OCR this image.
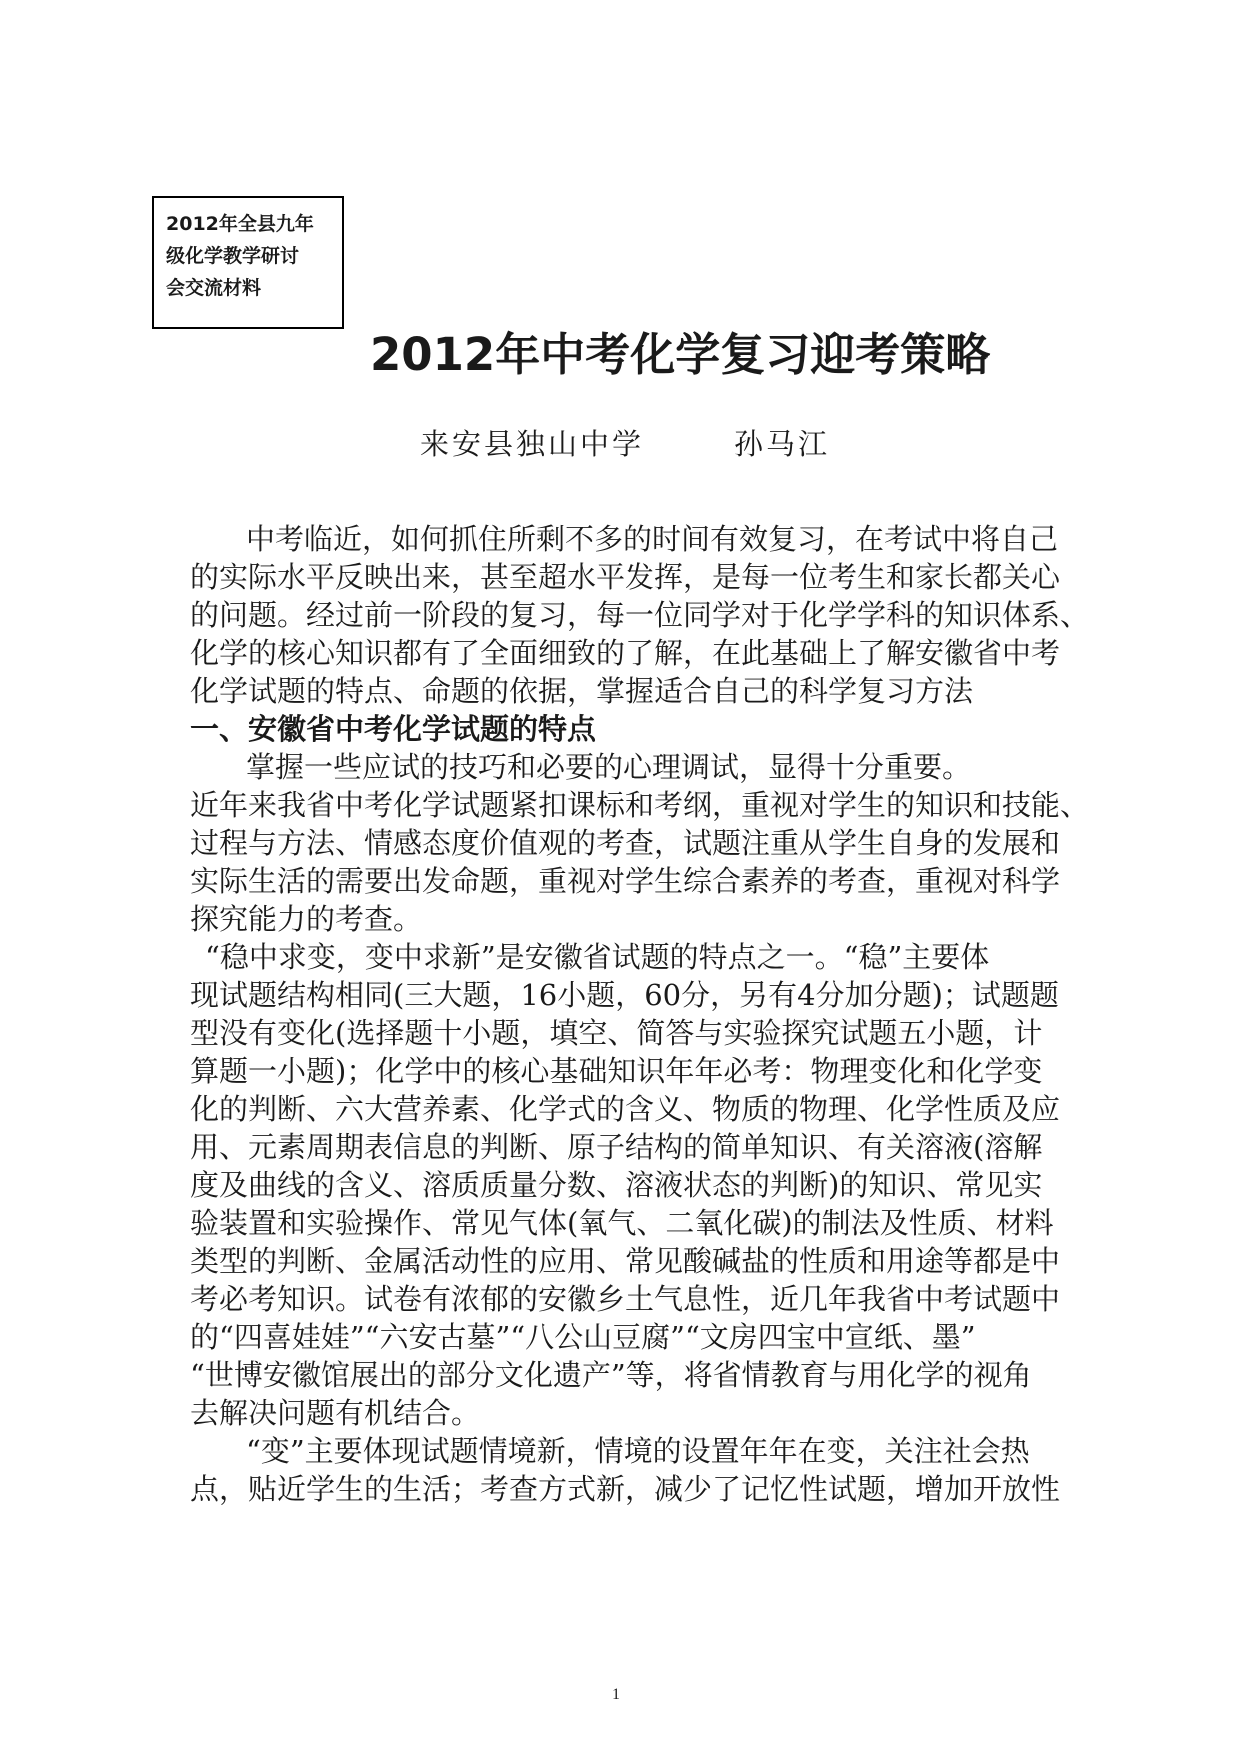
2012年全县九年
级化学教学研讨
会交流材料
2012年中考化学复习迎考策略
来安县独山中学	孙马江
中考临近，如何抓住所剩不多的时间有效复习，在考试中将自己
的实际水平反映出来，甚至超水平发挥，是每一位考生和家长都关心
的问题。经过前一阶段的复习，每一位同学对于化学学科的知识体系、
化学的核心知识都有了全面细致的了解，在此基础上了解安徽省中考
化学试题的特点、命题的依据，掌握适合自己的科学复习方法
一、安徽省中考化学试题的特点
掌握一些应试的技巧和必要的心理调试，显得十分重要。
近年来我省中考化学试题紧扣课标和考纲，重视对学生的知识和技能、
过程与方法、情感态度价值观的考查，试题注重从学生自身的发展和
实际生活的需要出发命题，重视对学生综合素养的考查，重视对科学
探究能力的考查。
“稳中求变，变中求新”是安徽省试题的特点之一。“稳”主要体
现试题结构相同(三大题，16小题，60分，另有4分加分题)；试题题
型没有变化(选择题十小题，填空、简答与实验探究试题五小题，计
算题一小题)；化学中的核心基础知识年年必考：物理变化和化学变
化的判断、六大营养素、化学式的含义、物质的物理、化学性质及应
用、元素周期表信息的判断、原子结构的简单知识、有关溶液(溶解
度及曲线的含义、溶质质量分数、溶液状态的判断)的知识、常见实
验装置和实验操作、常见气体(氧气、二氧化碳)的制法及性质、材料
类型的判断、金属活动性的应用、常见酸碱盐的性质和用途等都是中
考必考知识。试卷有浓郁的安徽乡土气息性，近几年我省中考试题中
的“四喜娃娃”“六安古墓”“八公山豆腐”“文房四宝中宣纸、墨”
“世博安徽馆展出的部分文化遗产”等，将省情教育与用化学的视角
去解决问题有机结合。
“变”主要体现试题情境新，情境的设置年年在变，关注社会热
点，贴近学生的生活；考查方式新，减少了记忆性试题，增加开放性
1
